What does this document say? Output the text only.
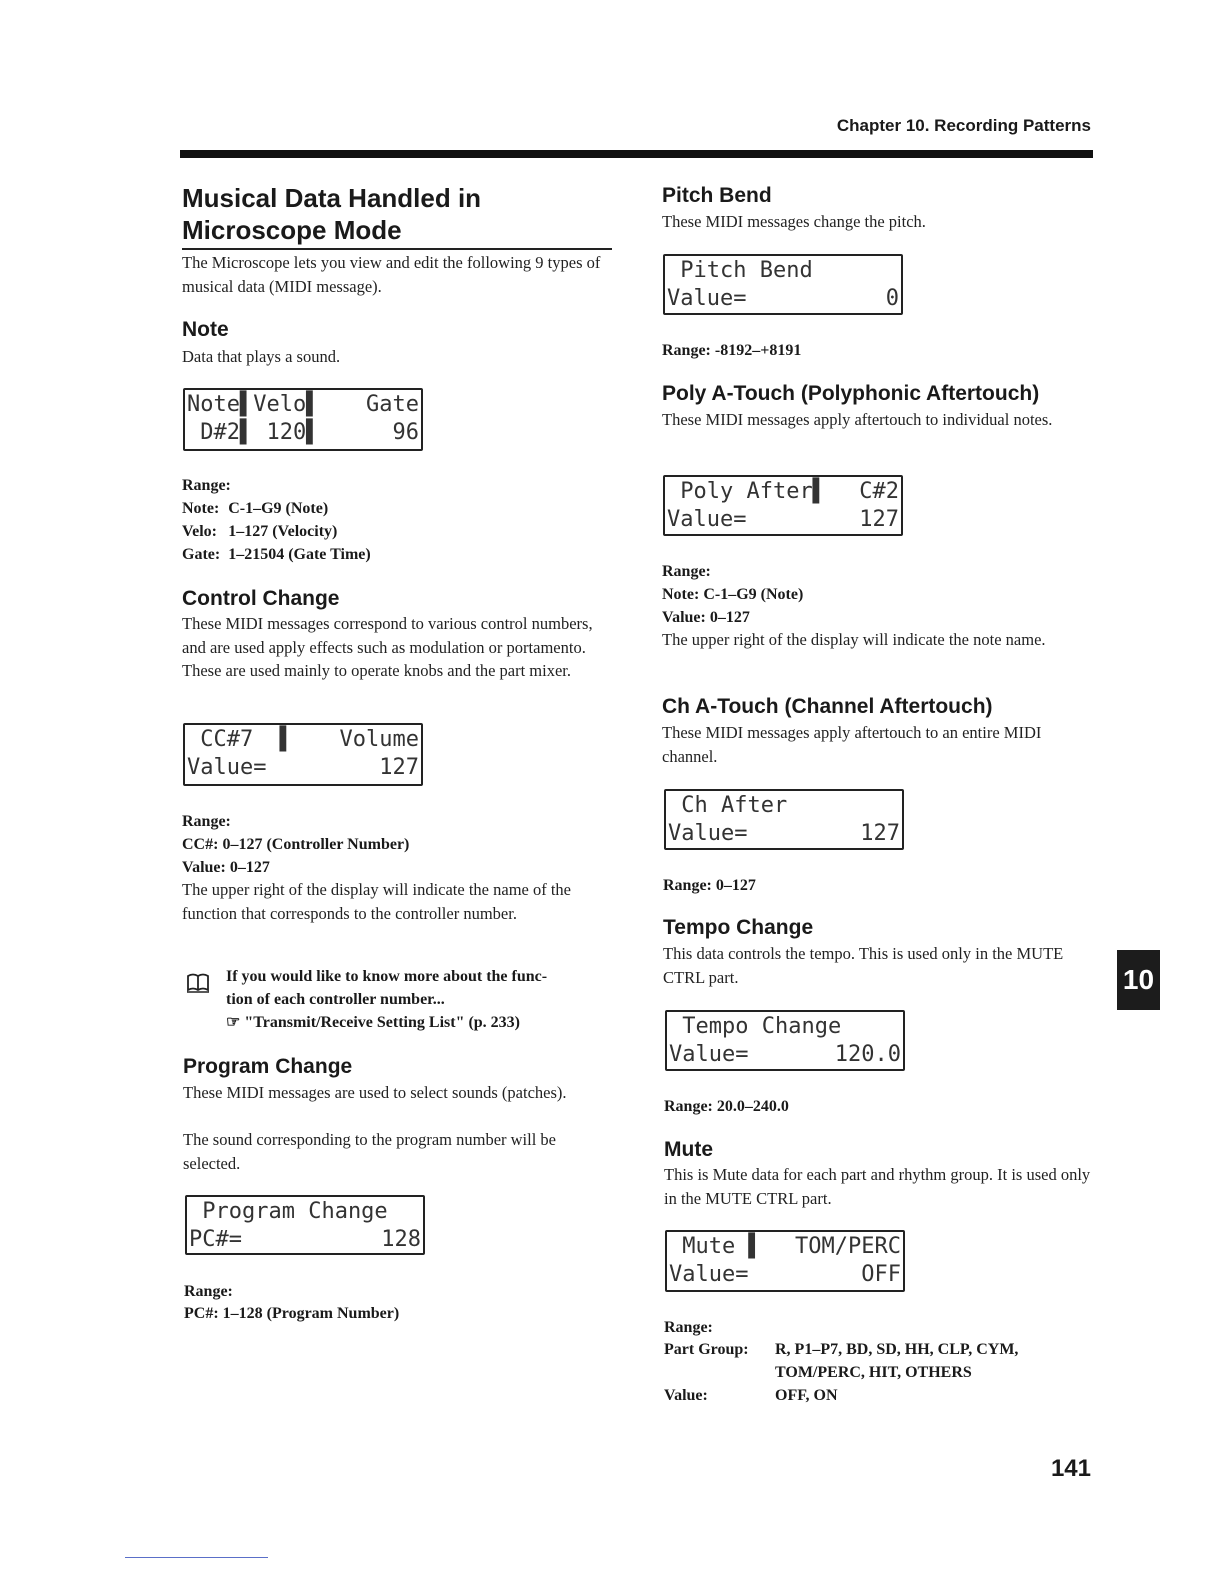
Chapter 10. Recording Patterns
Musical Data Handled in Microscope Mode
The Microscope lets you view and edit the following 9 types of musical data (MIDI message).
Note
Data that plays a sound.
Note▌Velo▌ Gate
D#2▌ 120▌	96
Range:
Note: C-1–G9 (Note)
Velo: 1–127 (Velocity)
Gate: 1–21504 (Gate Time)
Control Change
These MIDI messages correspond to various control numbers, and are used apply effects such as modulation or portamento. These are used mainly to operate knobs and the part mixer.
CC#7  ▌ Volume
Value=	127
Range:
CC#: 0–127 (Controller Number)
Value: 0–127
The upper right of the display will indicate the name of the function that corresponds to the controller number.
If you would like to know more about the func-
tion of each controller number...
☞ "Transmit/Receive Setting List" (p. 233)
Program Change
These MIDI messages are used to select sounds (patches).
The sound corresponding to the program number will be selected.
Program Change
PC#=	128
Range:
PC#: 1–128 (Program Number)
Pitch Bend
These MIDI messages change the pitch.
Pitch Bend
Value=	0
Range: -8192–+8191
Poly A-Touch (Polyphonic Aftertouch)
These MIDI messages apply aftertouch to individual notes.
Poly After▌ C#2
Value=	127
Range:
Note: C-1–G9 (Note)
Value: 0–127
The upper right of the display will indicate the note name.
Ch A-Touch (Channel Aftertouch)
These MIDI messages apply aftertouch to an entire MIDI channel.
Ch After
Value=	127
Range: 0–127
Tempo Change
This data controls the tempo. This is used only in the MUTE CTRL part.
Tempo Change
Value=	120.0
Range: 20.0–240.0
Mute
This is Mute data for each part and rhythm group. It is used only in the MUTE CTRL part.
Mute ▌ TOM/PERC
Value=	OFF
Range:
Part Group: R, P1–P7, BD, SD, HH, CLP, CYM,
TOM/PERC, HIT, OTHERS
Value:	OFF, ON
10
141
